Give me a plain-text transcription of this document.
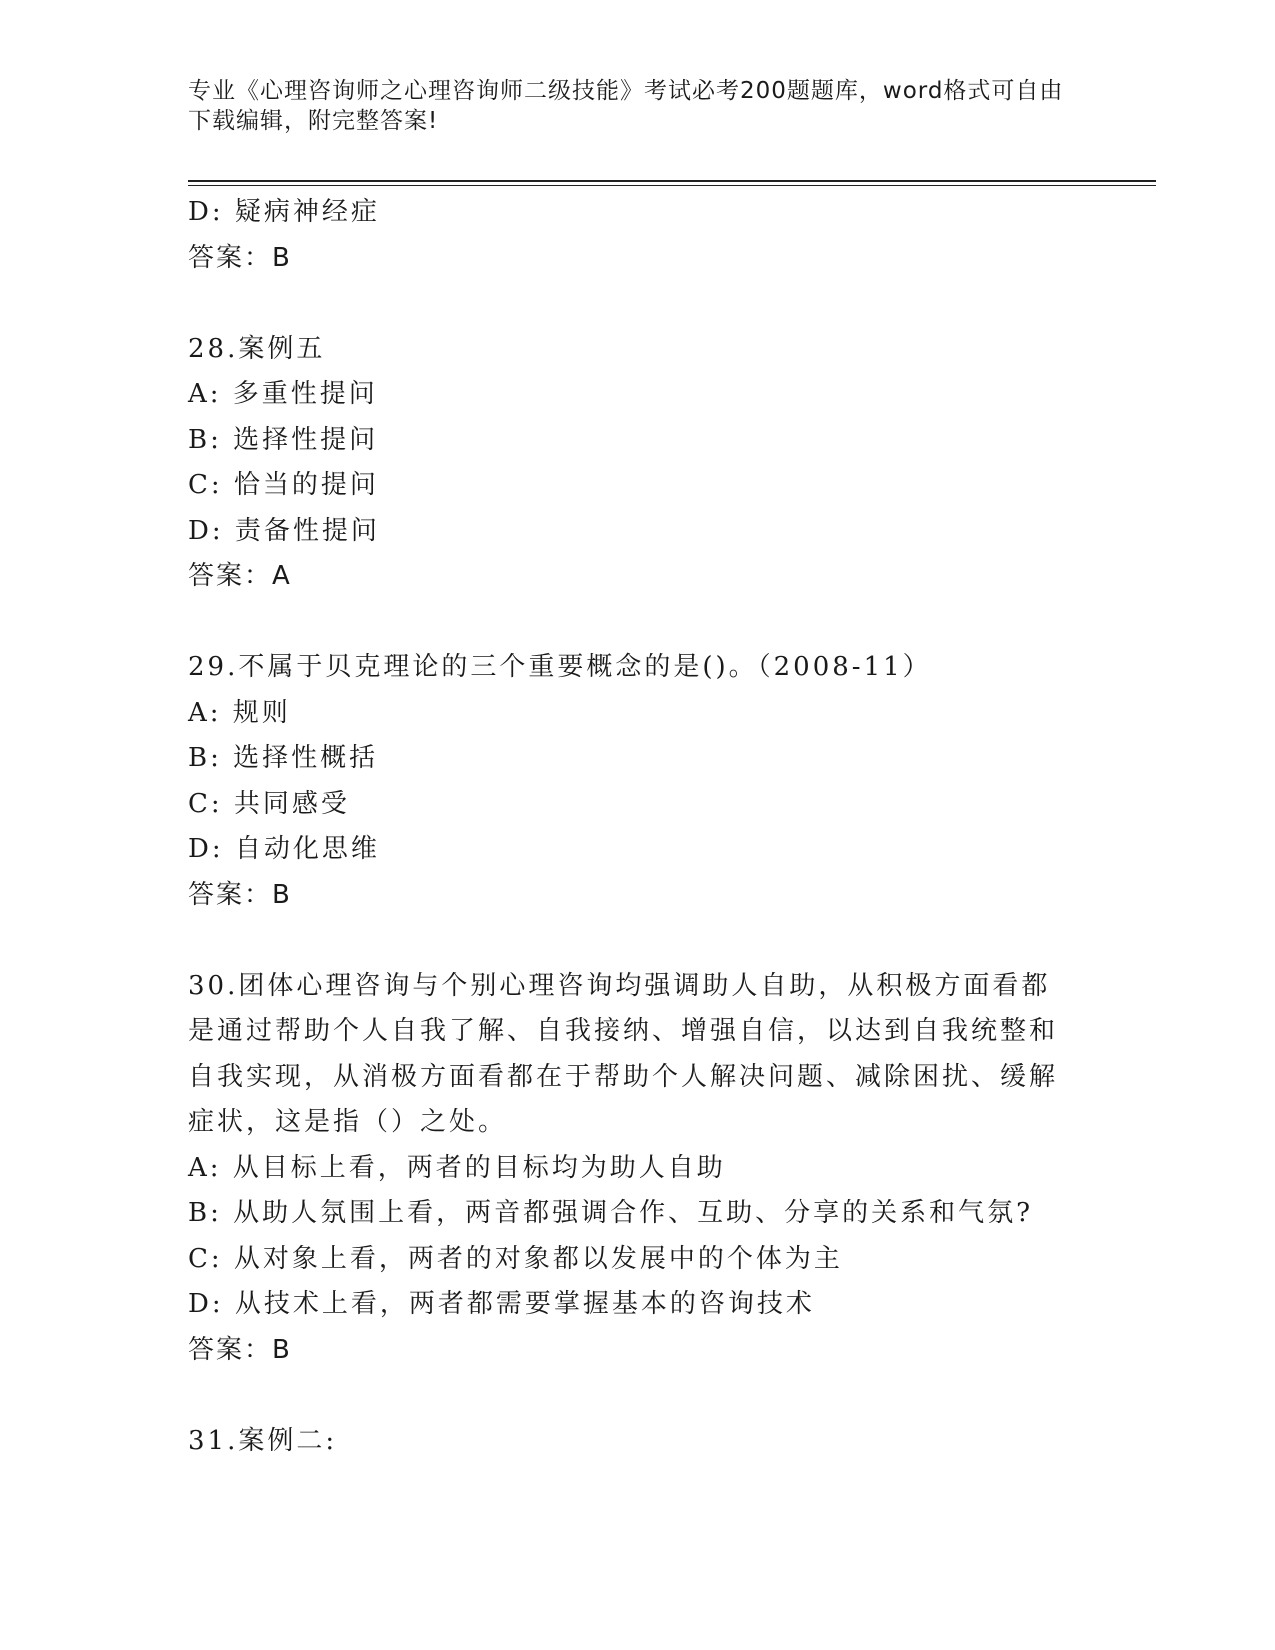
专业《心理咨询师之心理咨询师二级技能》考试必考200题题库，word格式可自由下载编辑，附完整答案!
D: 疑病神经症
答案：B
28.案例五
A: 多重性提问
B: 选择性提问
C: 恰当的提问
D: 责备性提问
答案：A
29.不属于贝克理论的三个重要概念的是()。（2008-11）
A: 规则
B: 选择性概括
C: 共同感受
D: 自动化思维
答案：B
30.团体心理咨询与个别心理咨询均强调助人自助，从积极方面看都是通过帮助个人自我了解、自我接纳、增强自信，以达到自我统整和自我实现，从消极方面看都在于帮助个人解决问题、减除困扰、缓解症状，这是指（）之处。
A: 从目标上看，两者的目标均为助人自助
B: 从助人氛围上看，两音都强调合作、互助、分享的关系和气氛?
C: 从对象上看，两者的对象都以发展中的个体为主
D: 从技术上看，两者都需要掌握基本的咨询技术
答案：B
31.案例二:
